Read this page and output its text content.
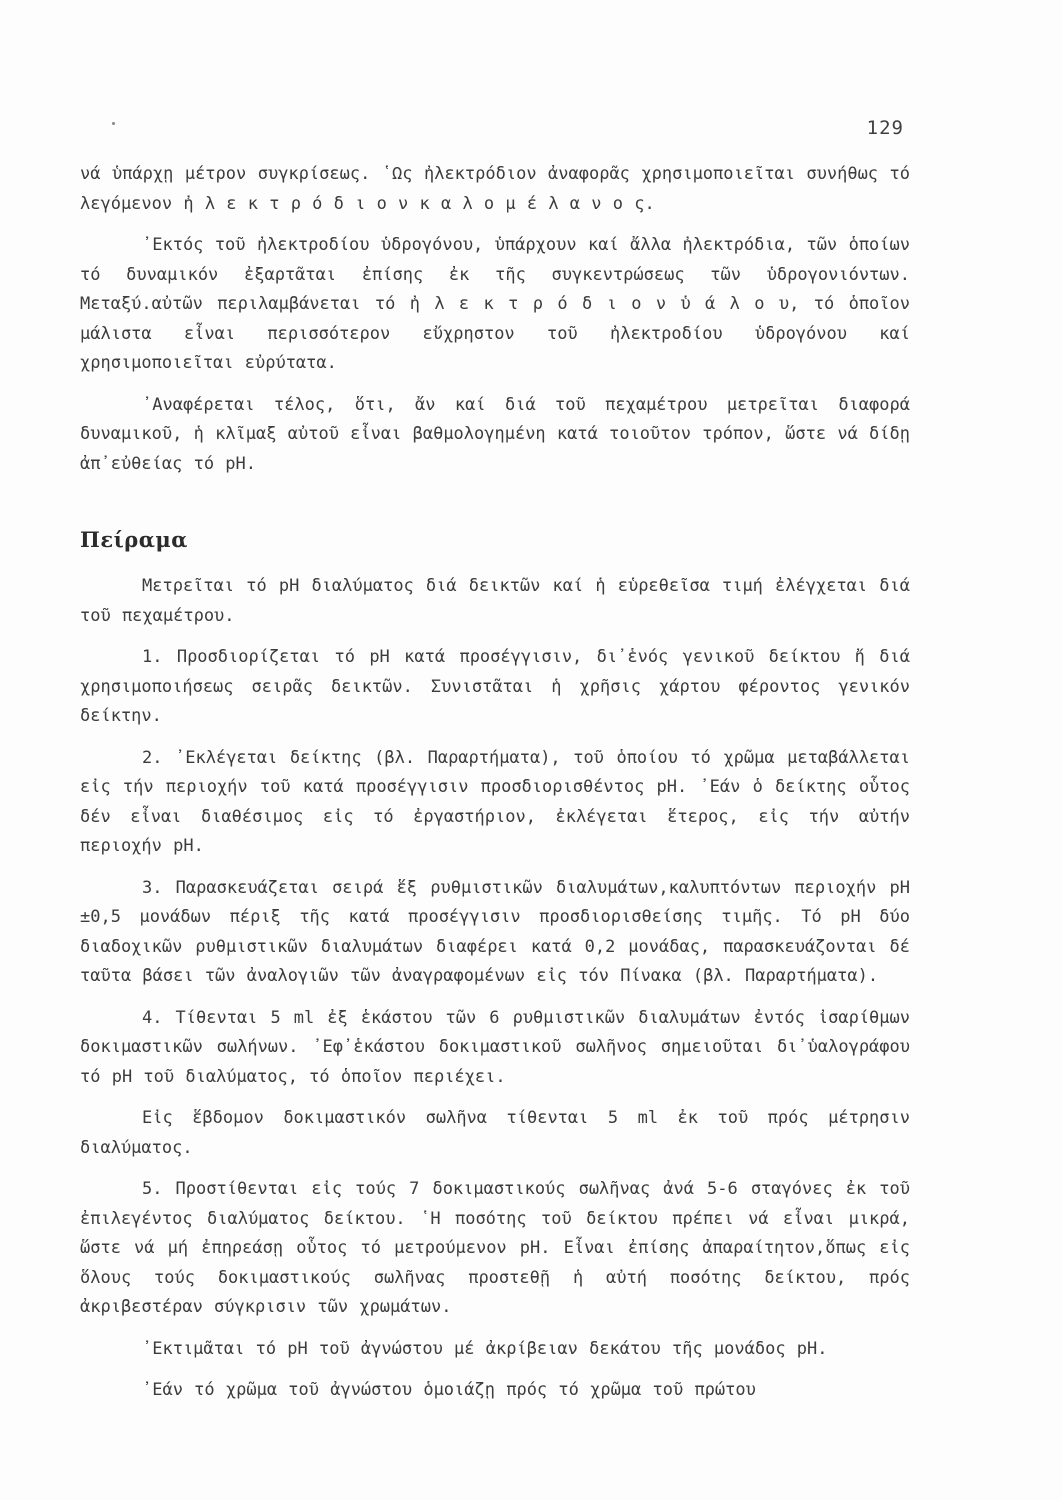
129

νά ὑπάρχῃ μέτρον συγκρίσεως. ῾Ως ἠλεκτρόδιον ἀναφορᾶς χρησιμοποιεῖται συνήθως τό λεγόμενον ἠ λ ε κ τ ρ ό δ ι ο ν κ α λ ο μ έ λ α ν ο ς.

᾿Εκτός τοῦ ἠλεκτροδίου ὑδρογόνου, ὑπάρχουν καί ἄλλα ἠλεκτρόδια, τῶν ὁποίων τό δυναμικόν ἐξαρτᾶται ἐπίσης ἐκ τῆς συγκεντρώσεως τῶν ὑδρογονιόντων. Μεταξύ.αὐτῶν περιλαμβάνεται τό ἠ λ ε κ τ ρ ό δ ι ο ν ὑ ά λ ο υ, τό ὁποῖον μάλιστα εἶναι περισσότερον εὔχρηστον τοῦ ἠλεκτροδίου ὑδρογόνου καί χρησιμοποιεῖται εὐρύτατα.

᾿Αναφέρεται τέλος, ὅτι, ἄν καί διά τοῦ πεχαμέτρου μετρεῖται διαφορά δυναμικοῦ, ἡ κλῖμαξ αὐτοῦ εἶναι βαθμολογημένη κατά τοιοῦτον τρόπον, ὥστε νά δίδῃ ἀπ᾿εὐθείας τό pH.

Πείραμα

Μετρεῖται τό pH διαλύματος διά δεικτῶν καί ἡ εὑρεθεῖσα τιμή ἐλέγχεται διά τοῦ πεχαμέτρου.

1. Προσδιορίζεται τό pH κατά προσέγγισιν, δι᾿ἑνός γενικοῦ δείκτου ἤ διά χρησιμοποιήσεως σειρᾶς δεικτῶν. Συνιστᾶται ἡ χρῆσις χάρτου φέροντος γενικόν δείκτην.

2. ᾿Εκλέγεται δείκτης (βλ. Παραρτήματα), τοῦ ὁποίου τό χρῶμα μεταβάλλεται εἰς τήν περιοχήν τοῦ κατά προσέγγισιν προσδιορισθέντος pH. ᾿Εάν ὁ δείκτης οὗτος δέν εἶναι διαθέσιμος εἰς τό ἐργαστήριον, ἐκλέγεται ἕτερος, εἰς τήν αὐτήν περιοχήν pH.

3. Παρασκευάζεται σειρά ἕξ ρυθμιστικῶν διαλυμάτων,καλυπτόντων περιοχήν pH ±0,5 μονάδων πέριξ τῆς κατά προσέγγισιν προσδιορισθείσης τιμῆς. Τό pH δύο διαδοχικῶν ρυθμιστικῶν διαλυμάτων διαφέρει κατά 0,2 μονάδας, παρασκευάζονται δέ ταῦτα βάσει τῶν ἀναλογιῶν τῶν ἀναγραφομένων εἰς τόν Πίνακα (βλ. Παραρτήματα).

4. Τίθενται 5 ml ἐξ ἑκάστου τῶν 6 ρυθμιστικῶν διαλυμάτων ἐντός ἰσαρίθμων δοκιμαστικῶν σωλήνων. ᾿Εφ᾿ἑκάστου δοκιμαστικοῦ σωλῆνος σημειοῦται δι᾿ὑαλογράφου τό pH τοῦ διαλύματος, τό ὁποῖον περιέχει.

Εἰς ἕβδομον δοκιμαστικόν σωλῆνα τίθενται 5 ml ἐκ τοῦ πρός μέτρησιν διαλύματος.

5. Προστίθενται εἰς τούς 7 δοκιμαστικούς σωλῆνας ἀνά 5-6 σταγόνες ἐκ τοῦ ἐπιλεγέντος διαλύματος δείκτου. ῾Η ποσότης τοῦ δείκτου πρέπει νά εἶναι μικρά, ὥστε νά μή ἐπηρεάσῃ οὗτος τό μετρούμενον pH. Εἶναι ἐπίσης ἀπαραίτητον,ὅπως εἰς ὅλους τούς δοκιμαστικούς σωλῆνας προστεθῇ ἡ αὐτή ποσότης δείκτου, πρός ἀκριβεστέραν σύγκρισιν τῶν χρωμάτων.

᾿Εκτιμᾶται τό pH τοῦ ἀγνώστου μέ ἀκρίβειαν δεκάτου τῆς μονάδος pH.

᾿Εάν τό χρῶμα τοῦ ἀγνώστου ὁμοιάζῃ πρός τό χρῶμα τοῦ πρώτου
